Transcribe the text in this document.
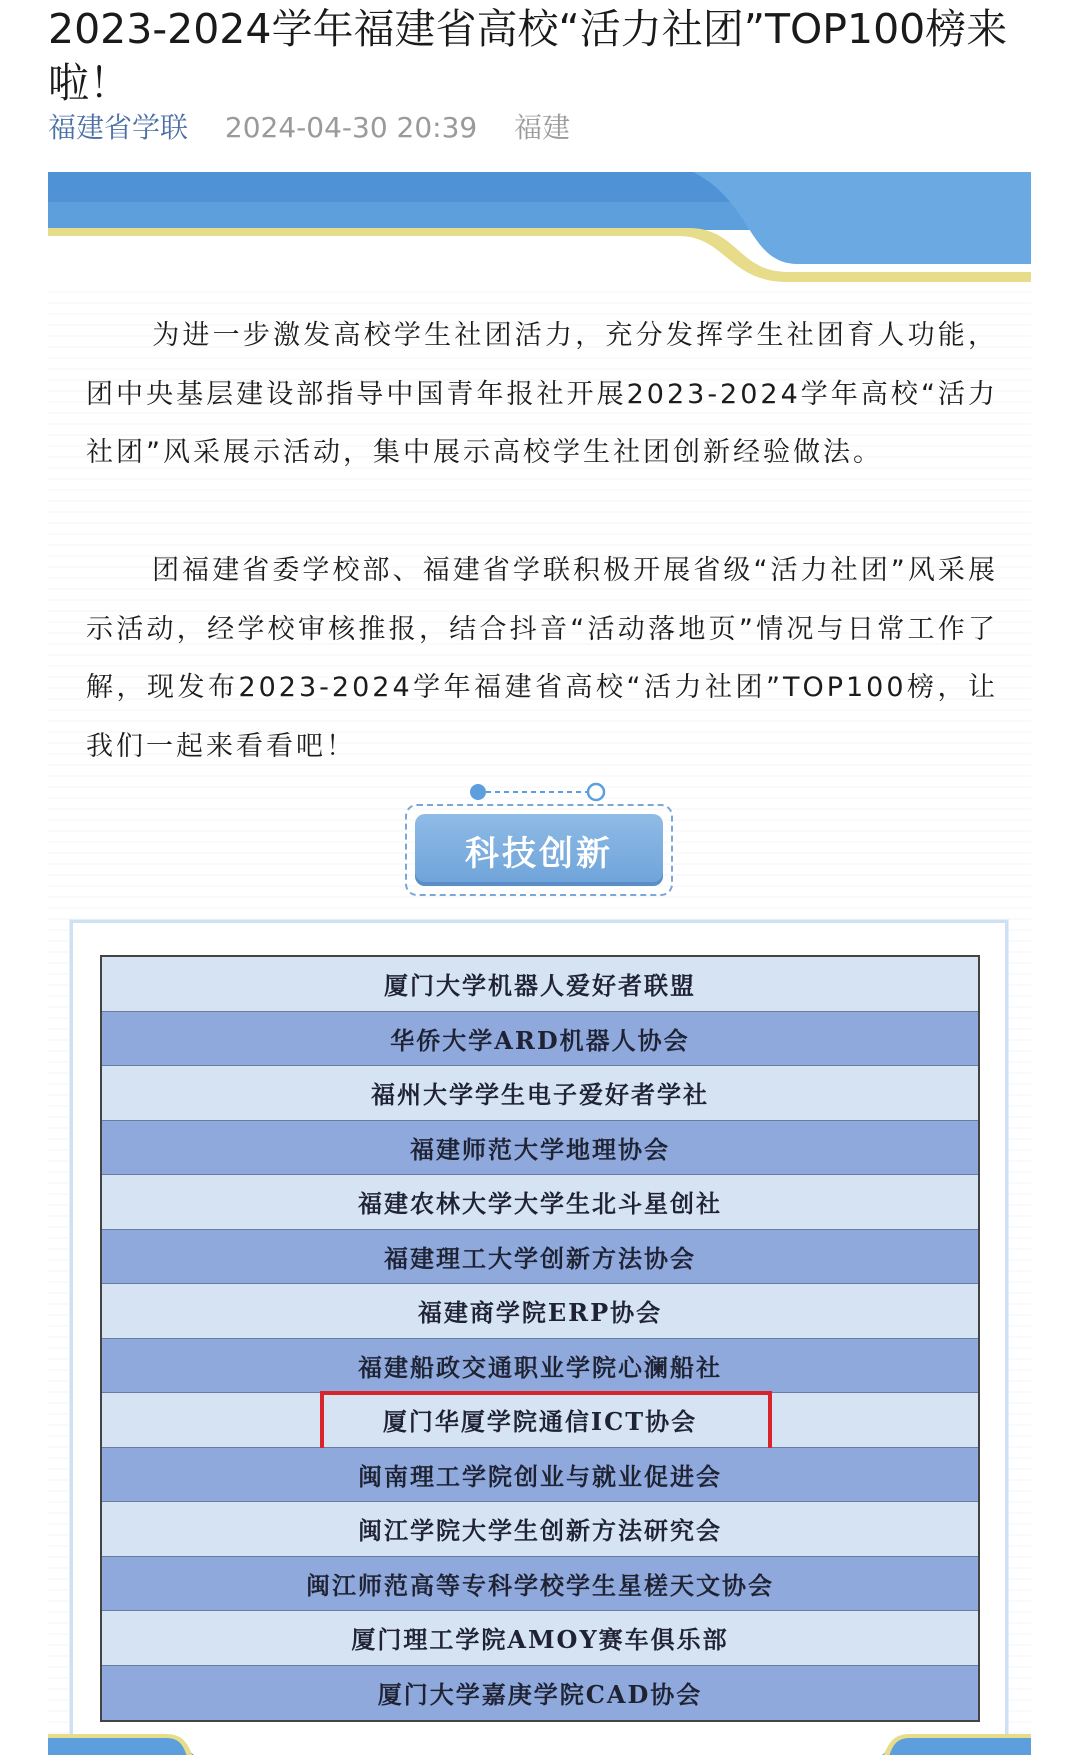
2023-2024学年福建省高校“活力社团”TOP100榜来啦！
福建省学联 2024-04-30 20:39 福建

为进一步激发高校学生社团活力，充分发挥学生社团育人功能，团中央基层建设部指导中国青年报社开展2023-2024学年高校“活力社团”风采展示活动，集中展示高校学生社团创新经验做法。

团福建省委学校部、福建省学联积极开展省级“活力社团”风采展示活动，经学校审核推报，结合抖音“活动落地页”情况与日常工作了解，现发布2023-2024学年福建省高校“活力社团”TOP100榜，让我们一起来看看吧！

科技创新
厦门大学机器人爱好者联盟
华侨大学ARD机器人协会
福州大学学生电子爱好者学社
福建师范大学地理协会
福建农林大学大学生北斗星创社
福建理工大学创新方法协会
福建商学院ERP协会
福建船政交通职业学院心澜船社
厦门华厦学院通信ICT协会
闽南理工学院创业与就业促进会
闽江学院大学生创新方法研究会
闽江师范高等专科学校学生星槎天文协会
厦门理工学院AMOY赛车俱乐部
厦门大学嘉庚学院CAD协会
